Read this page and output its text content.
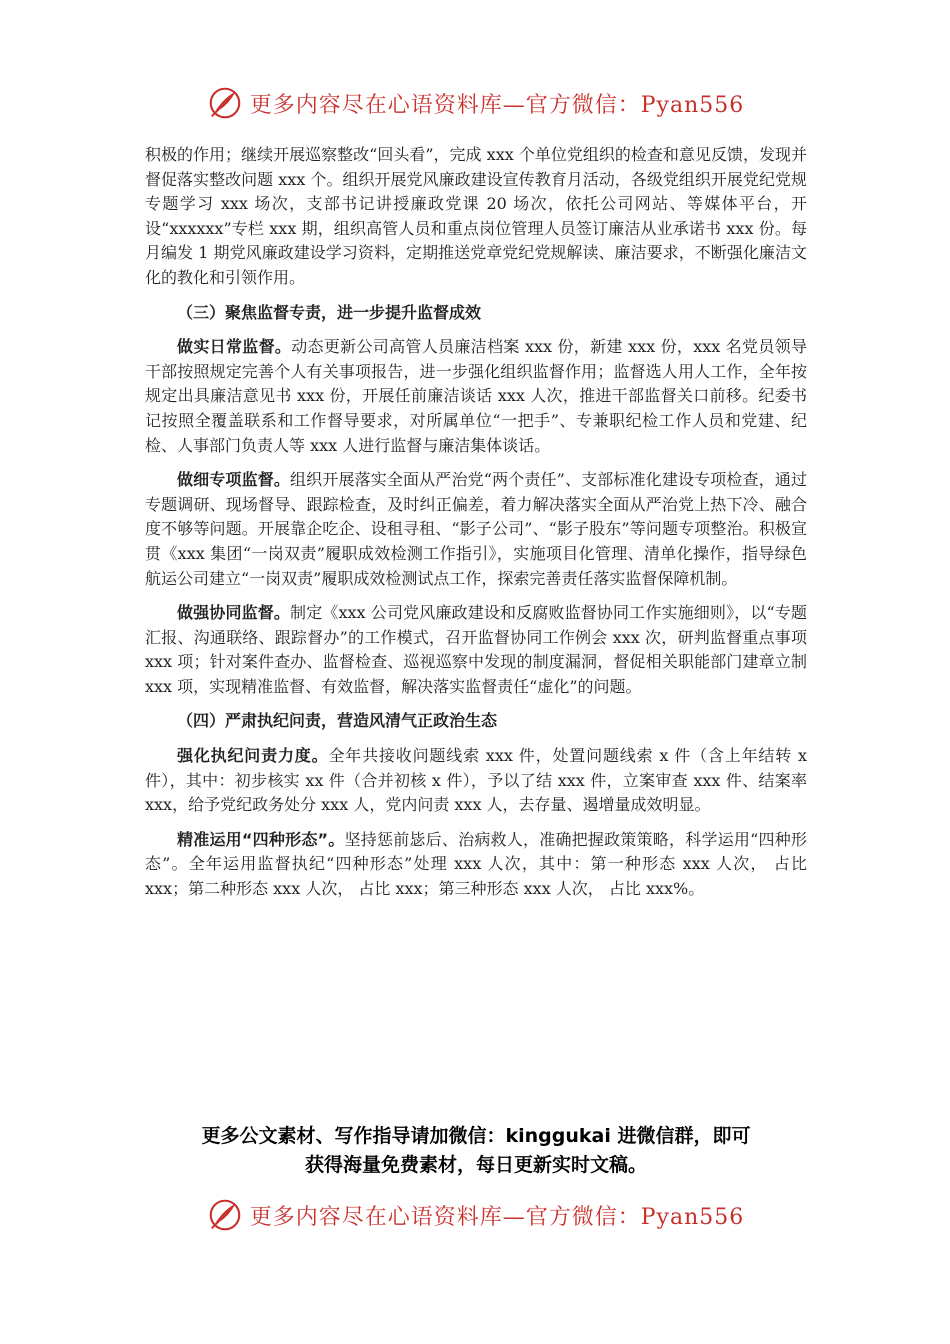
更多内容尽在心语资料库—官方微信：Pyan556

积极的作用；继续开展巡察整改“回头看”，完成 xxx 个单位党组织的检查和意见反馈，发现并督促落实整改问题 xxx 个。组织开展党风廉政建设宣传教育月活动，各级党组织开展党纪党规专题学习 xxx 场次，支部书记讲授廉政党课 20 场次，依托公司网站、等媒体平台，开设“xxxxxx”专栏 xxx 期，组织高管人员和重点岗位管理人员签订廉洁从业承诺书 xxx 份。每月编发 1 期党风廉政建设学习资料，定期推送党章党纪党规解读、廉洁要求，不断强化廉洁文化的教化和引领作用。

（三）聚焦监督专责，进一步提升监督成效

做实日常监督。动态更新公司高管人员廉洁档案 xxx 份，新建 xxx 份，xxx 名党员领导干部按照规定完善个人有关事项报告，进一步强化组织监督作用；监督选人用人工作，全年按规定出具廉洁意见书 xxx 份，开展任前廉洁谈话 xxx 人次，推进干部监督关口前移。纪委书记按照全覆盖联系和工作督导要求，对所属单位“一把手”、专兼职纪检工作人员和党建、纪检、人事部门负责人等 xxx 人进行监督与廉洁集体谈话。

做细专项监督。组织开展落实全面从严治党“两个责任”、支部标准化建设专项检查，通过专题调研、现场督导、跟踪检查，及时纠正偏差，着力解决落实全面从严治党上热下冷、融合度不够等问题。开展靠企吃企、设租寻租、“影子公司”、“影子股东”等问题专项整治。积极宣贯《xxx 集团“一岗双责”履职成效检测工作指引》，实施项目化管理、清单化操作，指导绿色航运公司建立“一岗双责”履职成效检测试点工作，探索完善责任落实监督保障机制。

做强协同监督。制定《xxx 公司党风廉政建设和反腐败监督协同工作实施细则》，以“专题汇报、沟通联络、跟踪督办”的工作模式，召开监督协同工作例会 xxx 次，研判监督重点事项 xxx 项；针对案件查办、监督检查、巡视巡察中发现的制度漏洞，督促相关职能部门建章立制 xxx 项，实现精准监督、有效监督，解决落实监督责任“虚化”的问题。

（四）严肃执纪问责，营造风清气正政治生态

强化执纪问责力度。全年共接收问题线索 xxx 件，处置问题线索 x 件（含上年结转 x 件），其中：初步核实 xx 件（合并初核 x 件），予以了结 xxx 件，立案审查 xxx 件、结案率 xxx，给予党纪政务处分 xxx 人，党内问责 xxx 人，去存量、遏增量成效明显。

精准运用“四种形态”。坚持惩前毖后、治病救人，准确把握政策策略，科学运用“四种形态”。全年运用监督执纪“四种形态”处理 xxx 人次，其中：第一种形态 xxx 人次， 占比 xxx；第二种形态 xxx 人次， 占比 xxx；第三种形态 xxx 人次， 占比 xxx%。

更多公文素材、写作指导请加微信：kinggukai 进微信群，即可
获得海量免费素材，每日更新实时文稿。
更多内容尽在心语资料库—官方微信：Pyan556
